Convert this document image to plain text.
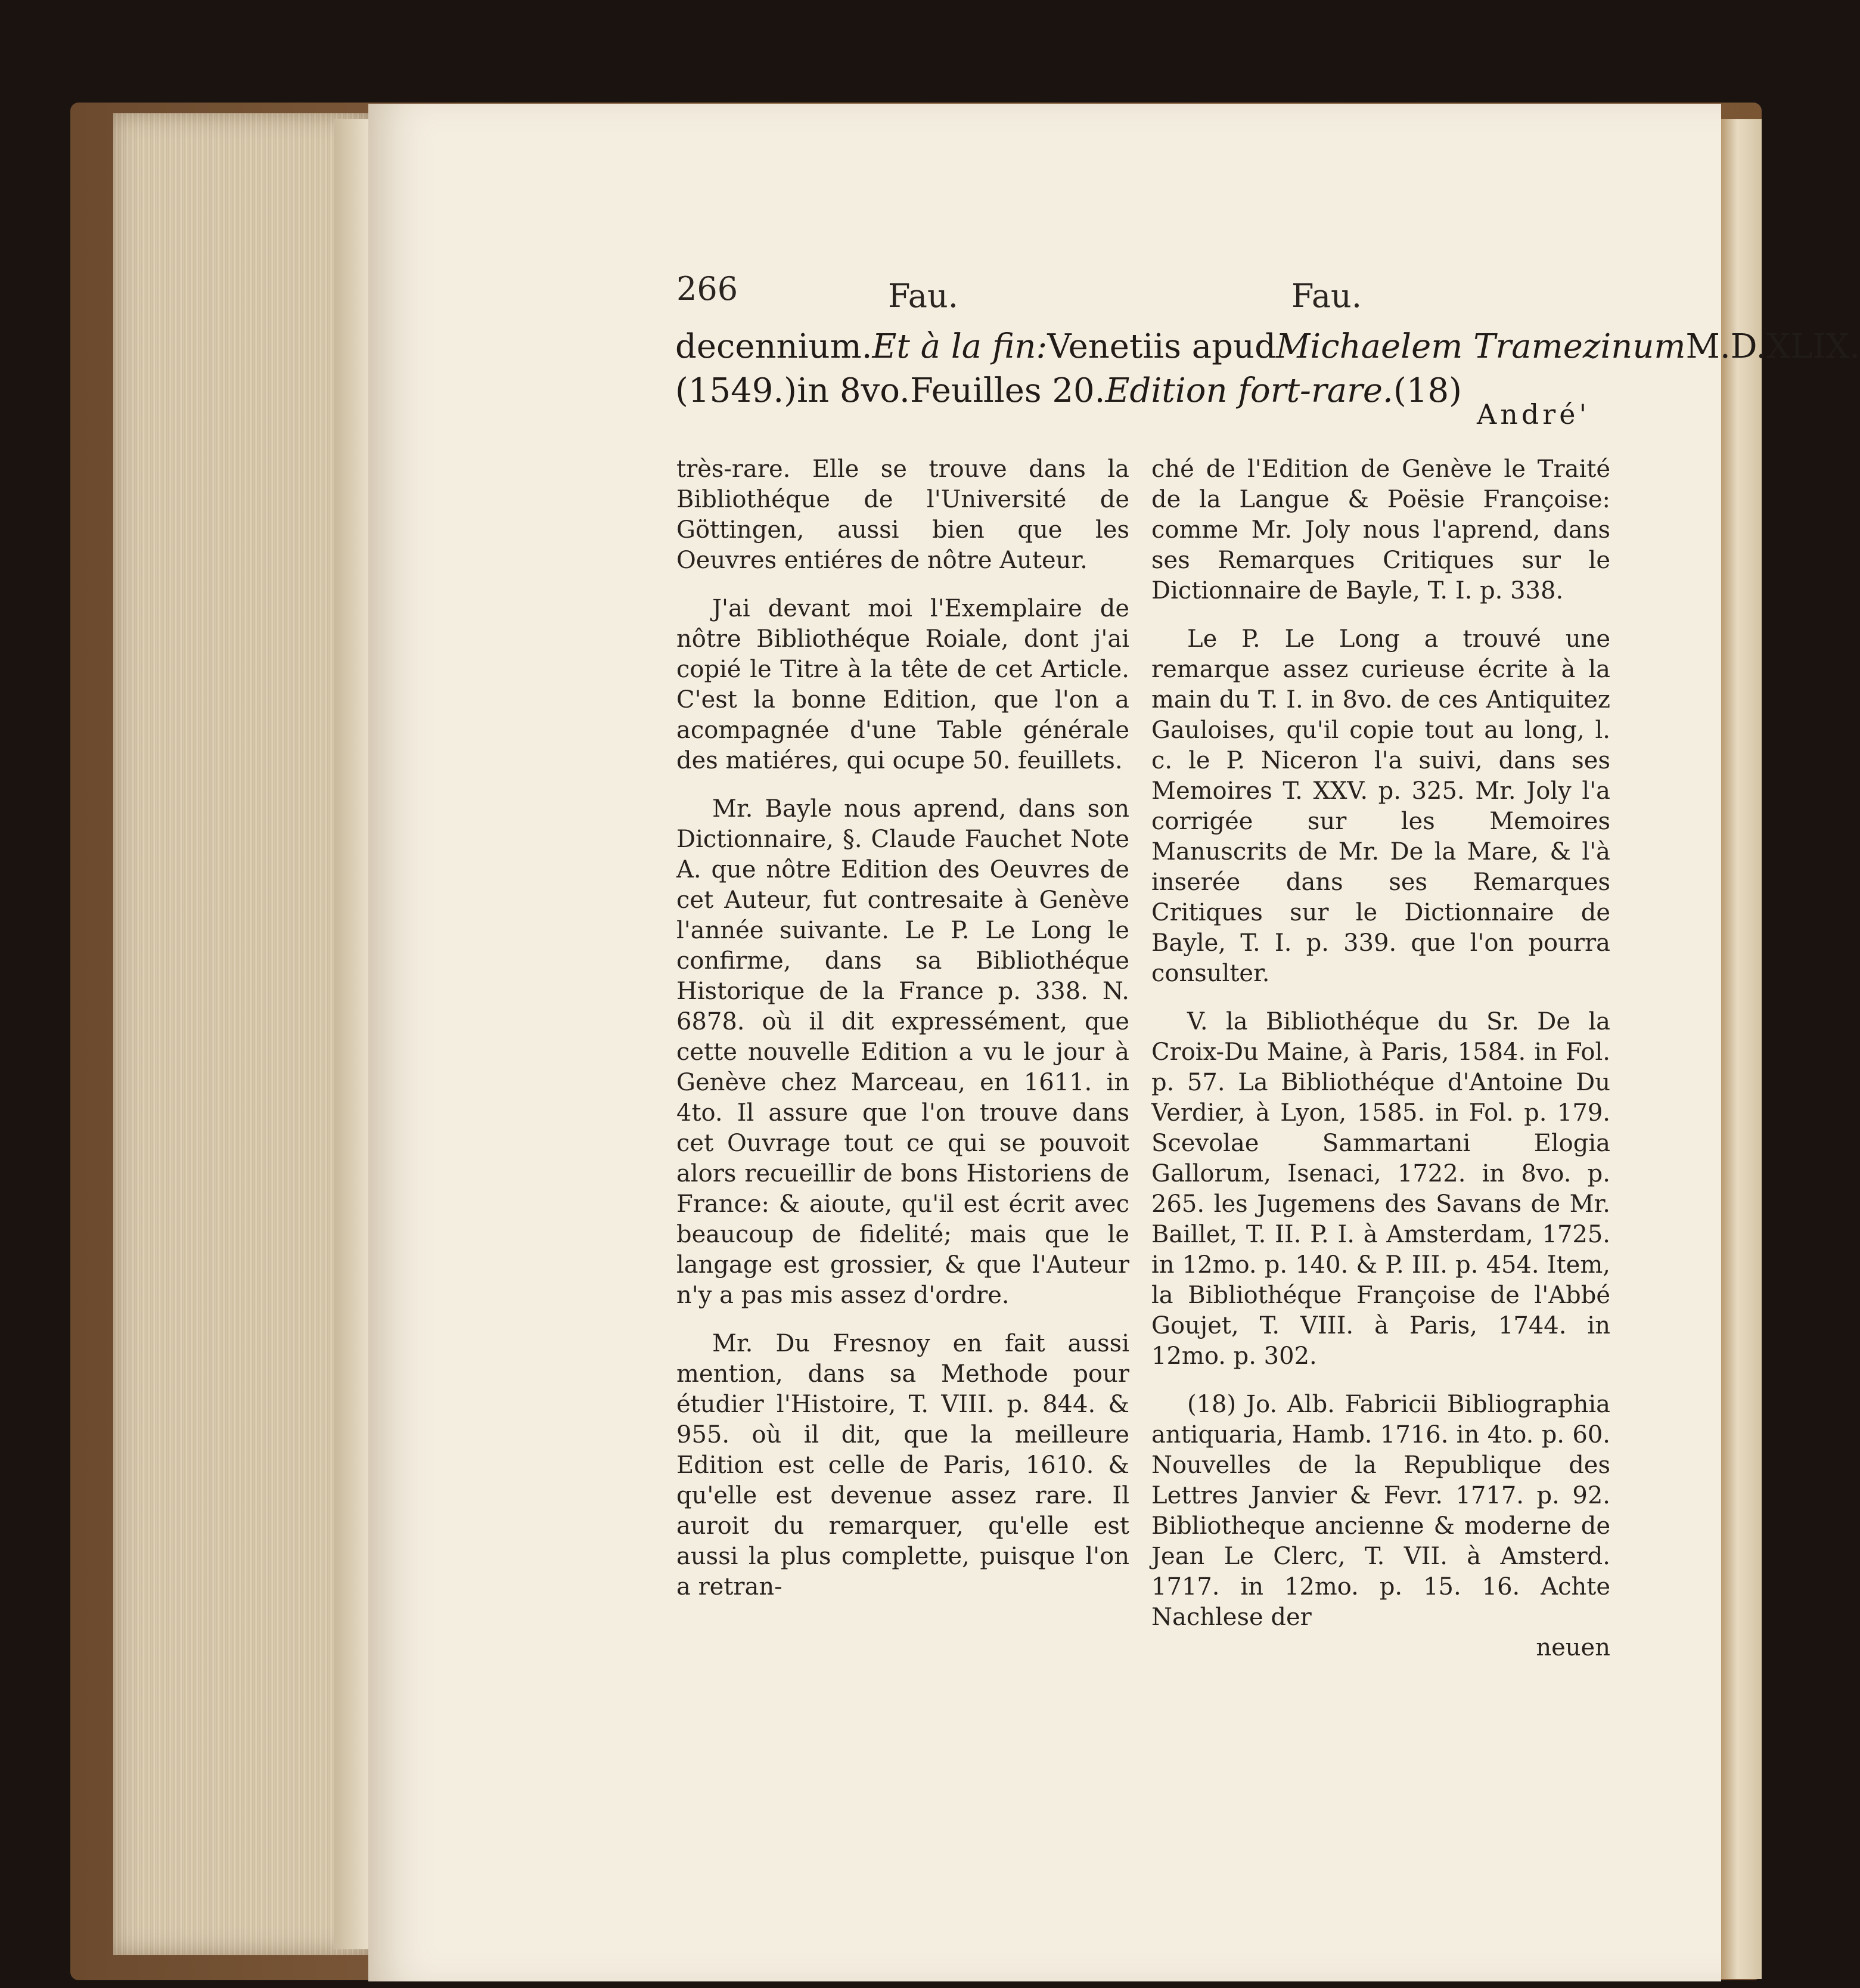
266	Fau.	Fau.
decennium. Et à la fin: Venetiis apud Michaelem Tramezinum M.D.XLIX.
(1549.) in 8vo. Feuilles 20. Edition fort-rare. (18)
André'

très-rare. Elle se trouve dans la Bibliothéque de l'Université de Göttingen, aussi bien que les Oeuvres entiéres de nôtre Auteur.

J'ai devant moi l'Exemplaire de nôtre Bibliothéque Roiale, dont j'ai copié le Titre à la tête de cet Article. C'est la bonne Edition, que l'on a acompagnée d'une Table générale des matiéres, qui ocupe 50. feuillets.

Mr. Bayle nous aprend, dans son Dictionnaire, §. Claude Fauchet Note A. que nôtre Edition des Oeuvres de cet Auteur, fut contresaite à Genève l'année suivante. Le P. Le Long le confirme, dans sa Bibliothéque Historique de la France p. 338. N. 6878. où il dit expressément, que cette nouvelle Edition a vu le jour à Genève chez Marceau, en 1611. in 4to. Il assure que l'on trouve dans cet Ouvrage tout ce qui se pouvoit alors recueillir de bons Historiens de France: & aioute, qu'il est écrit avec beaucoup de fidelité; mais que le langage est grossier, & que l'Auteur n'y a pas mis assez d'ordre.

Mr. Du Fresnoy en fait aussi mention, dans sa Methode pour étudier l'Histoire, T. VIII. p. 844. & 955. où il dit, que la meilleure Edition est celle de Paris, 1610. & qu'elle est devenue assez rare. Il auroit du remarquer, qu'elle est aussi la plus complette, puisque l'on a retran-

ché de l'Edition de Genève le Traité de la Langue & Poësie Françoise: comme Mr. Joly nous l'aprend, dans ses Remarques Critiques sur le Dictionnaire de Bayle, T. I. p. 338.

Le P. Le Long a trouvé une remarque assez curieuse écrite à la main du T. I. in 8vo. de ces Antiquitez Gauloises, qu'il copie tout au long, l. c. le P. Niceron l'a suivi, dans ses Memoires T. XXV. p. 325. Mr. Joly l'a corrigée sur les Memoires Manuscrits de Mr. De la Mare, & l'à inserée dans ses Remarques Critiques sur le Dictionnaire de Bayle, T. I. p. 339. que l'on pourra consulter.

V. la Bibliothéque du Sr. De la Croix-Du Maine, à Paris, 1584. in Fol. p. 57. La Bibliothéque d'Antoine Du Verdier, à Lyon, 1585. in Fol. p. 179. Scevolae Sammartani Elogia Gallorum, Isenaci, 1722. in 8vo. p. 265. les Jugemens des Savans de Mr. Baillet, T. II. P. I. à Amsterdam, 1725. in 12mo. p. 140. & P. III. p. 454. Item, la Bibliothéque Françoise de l'Abbé Goujet, T. VIII. à Paris, 1744. in 12mo. p. 302.

(18) Jo. Alb. Fabricii Bibliographia antiquaria, Hamb. 1716. in 4to. p. 60. Nouvelles de la Republique des Lettres Janvier & Fevr. 1717. p. 92. Bibliotheque ancienne & moderne de Jean Le Clerc, T. VII. à Amsterd. 1717. in 12mo. p. 15. 16. Achte Nachlese der

neuen
